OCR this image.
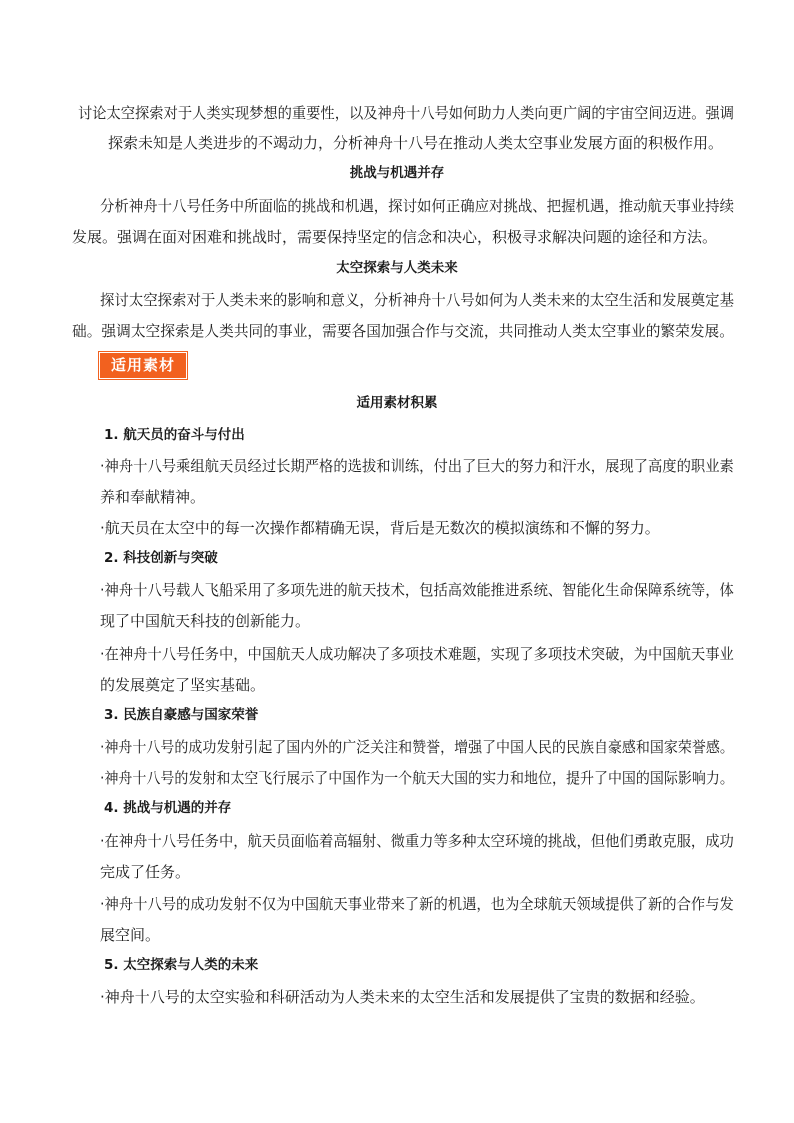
讨论太空探索对于人类实现梦想的重要性，以及神舟十八号如何助力人类向更广阔的宇宙空间迈进。强调
探索未知是人类进步的不竭动力，分析神舟十八号在推动人类太空事业发展方面的积极作用。
挑战与机遇并存
分析神舟十八号任务中所面临的挑战和机遇，探讨如何正确应对挑战、把握机遇，推动航天事业持续
发展。强调在面对困难和挑战时，需要保持坚定的信念和决心，积极寻求解决问题的途径和方法。
太空探索与人类未来
探讨太空探索对于人类未来的影响和意义，分析神舟十八号如何为人类未来的太空生活和发展奠定基
础。强调太空探索是人类共同的事业，需要各国加强合作与交流，共同推动人类太空事业的繁荣发展。
适用素材
适用素材积累
1. 航天员的奋斗与付出
·神舟十八号乘组航天员经过长期严格的选拔和训练，付出了巨大的努力和汗水，展现了高度的职业素
养和奉献精神。
·航天员在太空中的每一次操作都精确无误，背后是无数次的模拟演练和不懈的努力。
2. 科技创新与突破
·神舟十八号载人飞船采用了多项先进的航天技术，包括高效能推进系统、智能化生命保障系统等，体
现了中国航天科技的创新能力。
·在神舟十八号任务中，中国航天人成功解决了多项技术难题，实现了多项技术突破，为中国航天事业
的发展奠定了坚实基础。
3. 民族自豪感与国家荣誉
·神舟十八号的成功发射引起了国内外的广泛关注和赞誉，增强了中国人民的民族自豪感和国家荣誉感。
·神舟十八号的发射和太空飞行展示了中国作为一个航天大国的实力和地位，提升了中国的国际影响力。
4. 挑战与机遇的并存
·在神舟十八号任务中，航天员面临着高辐射、微重力等多种太空环境的挑战，但他们勇敢克服，成功
完成了任务。
·神舟十八号的成功发射不仅为中国航天事业带来了新的机遇，也为全球航天领域提供了新的合作与发
展空间。
5. 太空探索与人类的未来
·神舟十八号的太空实验和科研活动为人类未来的太空生活和发展提供了宝贵的数据和经验。
